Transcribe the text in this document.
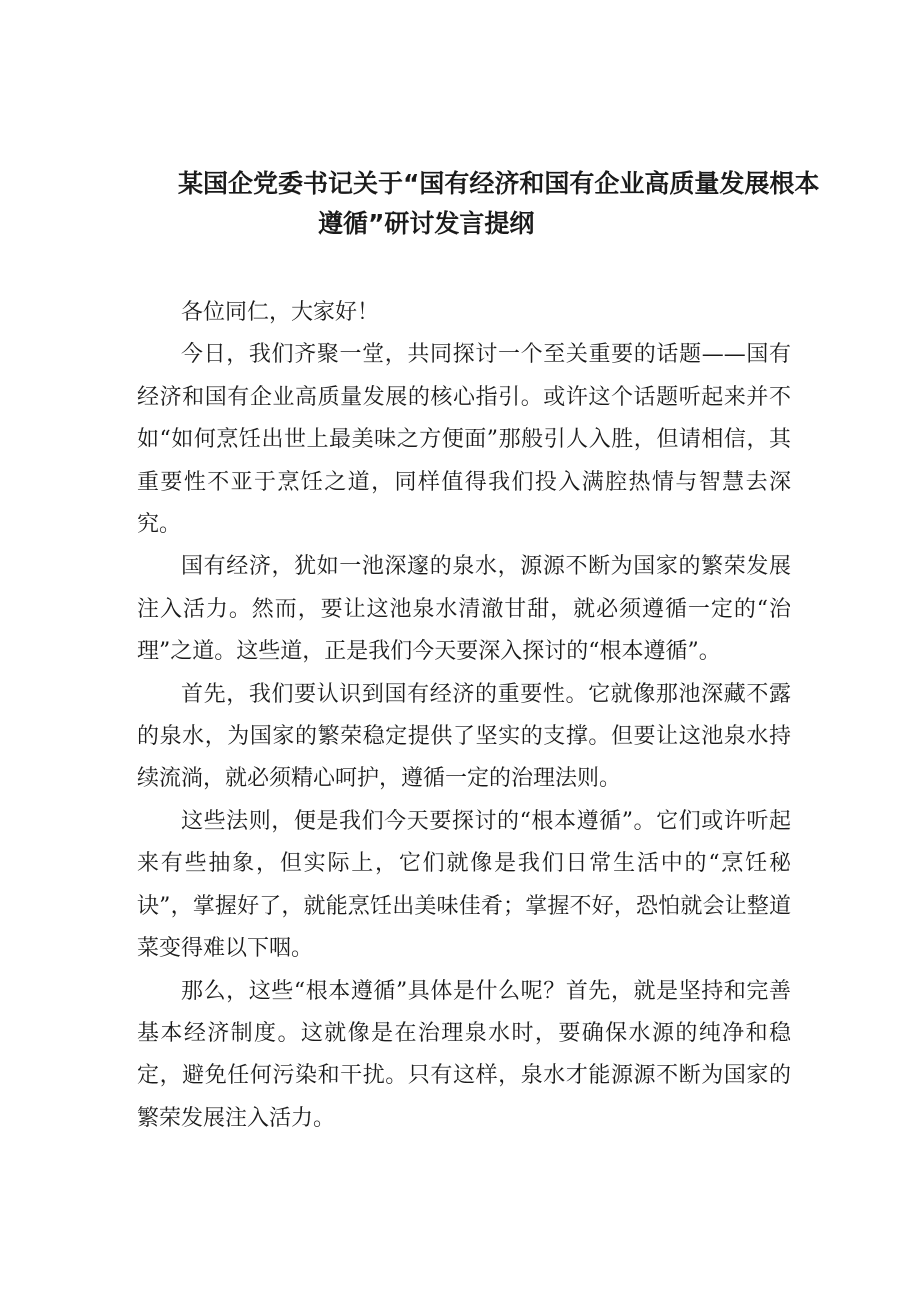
某国企党委书记关于“国有经济和国有企业高质量发展根本
遵循”研讨发言提纲

各位同仁，大家好！

今日，我们齐聚一堂，共同探讨一个至关重要的话题——国有经济和国有企业高质量发展的核心指引。或许这个话题听起来并不如“如何烹饪出世上最美味之方便面”那般引人入胜，但请相信，其重要性不亚于烹饪之道，同样值得我们投入满腔热情与智慧去深究。

国有经济，犹如一池深邃的泉水，源源不断为国家的繁荣发展注入活力。然而，要让这池泉水清澈甘甜，就必须遵循一定的“治理”之道。这些道，正是我们今天要深入探讨的“根本遵循”。

首先，我们要认识到国有经济的重要性。它就像那池深藏不露的泉水，为国家的繁荣稳定提供了坚实的支撑。但要让这池泉水持续流淌，就必须精心呵护，遵循一定的治理法则。

这些法则，便是我们今天要探讨的“根本遵循”。它们或许听起来有些抽象，但实际上，它们就像是我们日常生活中的“烹饪秘诀”，掌握好了，就能烹饪出美味佳肴；掌握不好，恐怕就会让整道菜变得难以下咽。

那么，这些“根本遵循”具体是什么呢？首先，就是坚持和完善基本经济制度。这就像是在治理泉水时，要确保水源的纯净和稳定，避免任何污染和干扰。只有这样，泉水才能源源不断为国家的繁荣发展注入活力。
